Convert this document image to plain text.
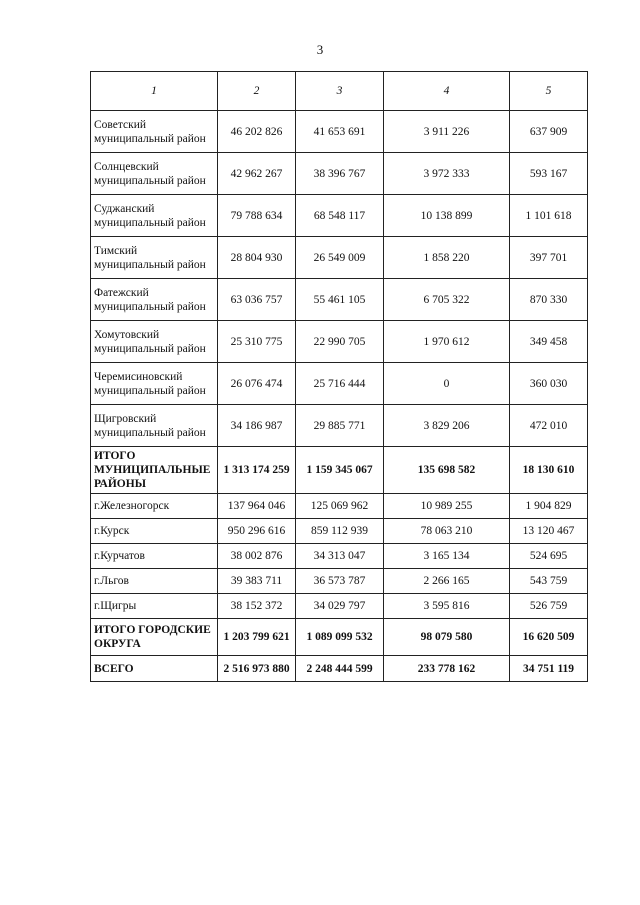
3
1	2	3	4	5
Советский
муниципальный район	46 202 826	41 653 691	3 911 226	637 909
Солнцевский
муниципальный район	42 962 267	38 396 767	3 972 333	593 167
Суджанский
муниципальный район	79 788 634	68 548 117	10 138 899	1 101 618
Тимский
муниципальный район	28 804 930	26 549 009	1 858 220	397 701
Фатежский
муниципальный район	63 036 757	55 461 105	6 705 322	870 330
Хомутовский
муниципальный район	25 310 775	22 990 705	1 970 612	349 458
Черемисиновский
муниципальный район	26 076 474	25 716 444	0	360 030
Щигровский
муниципальный район	34 186 987	29 885 771	3 829 206	472 010

ИТОГО
МУНИЦИПАЛЬНЫЕ
РАЙОНЫ	1 313 174 259	1 159 345 067	135 698 582	18 130 610
г.Железногорск	137 964 046	125 069 962	10 989 255	1 904 829
г.Курск	950 296 616	859 112 939	78 063 210	13 120 467
г.Курчатов	38 002 876	34 313 047	3 165 134	524 695
г.Льгов	39 383 711	36 573 787	2 266 165	543 759
г.Щигры	38 152 372	34 029 797	3 595 816	526 759

ИТОГО ГОРОДСКИЕ
ОКРУГА	1 203 799 621	1 089 099 532	98 079 580	16 620 509
ВСЕГО	2 516 973 880	2 248 444 599	233 778 162	34 751 119
